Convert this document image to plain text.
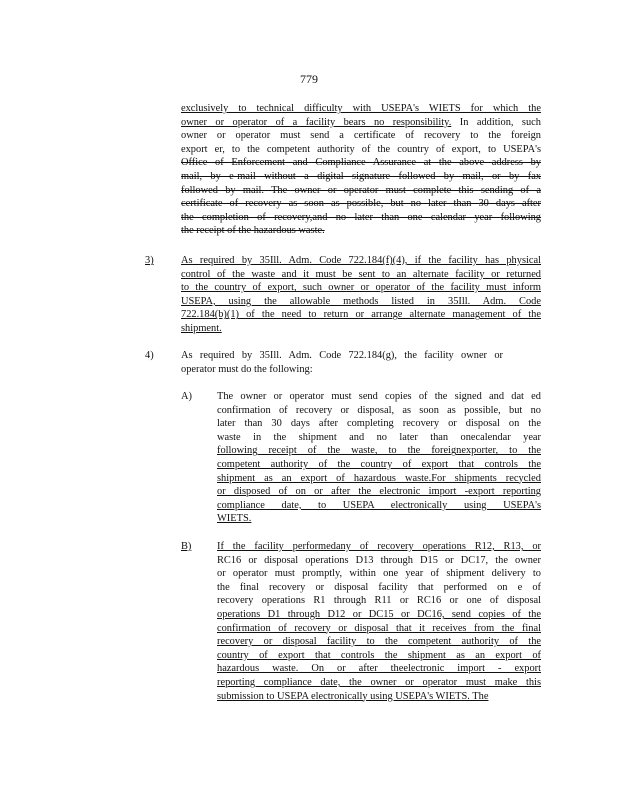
779

exclusively to technical difficulty with USEPA's WIETS for which the

owner or operator of a facility bears no responsibility. In addition, such

owner or operator must send a certificate of recovery to the foreign

export er, to the competent authority of the country of export, to USEPA's

Office of Enforcement and Compliance Assurance at the above address by

mail, by e-mail without a digital signature followed by mail, or by fax

followed by mail. The owner or operator must complete this sending of a

certificate of recovery as soon as possible, but no later than 30 days after

the completion of recovery,and no later than one calendar year following

the receipt of the hazardous waste.

3)	As required by 35Ill. Adm. Code 722.184(f)(4), if the facility has physical

control of the waste and it must be sent to an alternate facility or returned

to the country of export, such owner or operator of the facility must inform

USEPA, using the allowable methods listed in 35Ill. Adm. Code

722.184(b)(1) of the need to return or arrange alternate management of the

shipment.

4)	As required by 35Ill. Adm. Code 722.184(g), the facility owner or

operator must do the following:

A) The owner or operator must send copies of the signed and dat ed

confirmation of recovery or disposal, as soon as possible, but no

later than 30 days after completing recovery or disposal on the

waste in the shipment and no later than onecalendar year

following receipt of the waste, to the foreignexporter, to the

competent authority of the country of export that controls the

shipment as an export of hazardous waste.For shipments recycled

or disposed of on or after the electronic import -export reporting

compliance date, to USEPA electronically using USEPA's

WIETS.

B) If the facility performedany of recovery operations R12, R13, or

RC16 or disposal operations D13 through D15 or DC17, the owner

or operator must promptly, within one year of shipment delivery to

the final recovery or disposal facility that performed on e of

recovery operations R1 through R11 or RC16 or one of disposal

operations D1 through D12 or DC15 or DC16, send copies of the

confirmation of recovery or disposal that it receives from the final

recovery or disposal facility to the competent authority of the

country of export that controls the shipment as an export of

hazardous waste. On or after theelectronic import - export

reporting compliance date, the owner or operator must make this

submission to USEPA electronically using USEPA's WIETS. The
